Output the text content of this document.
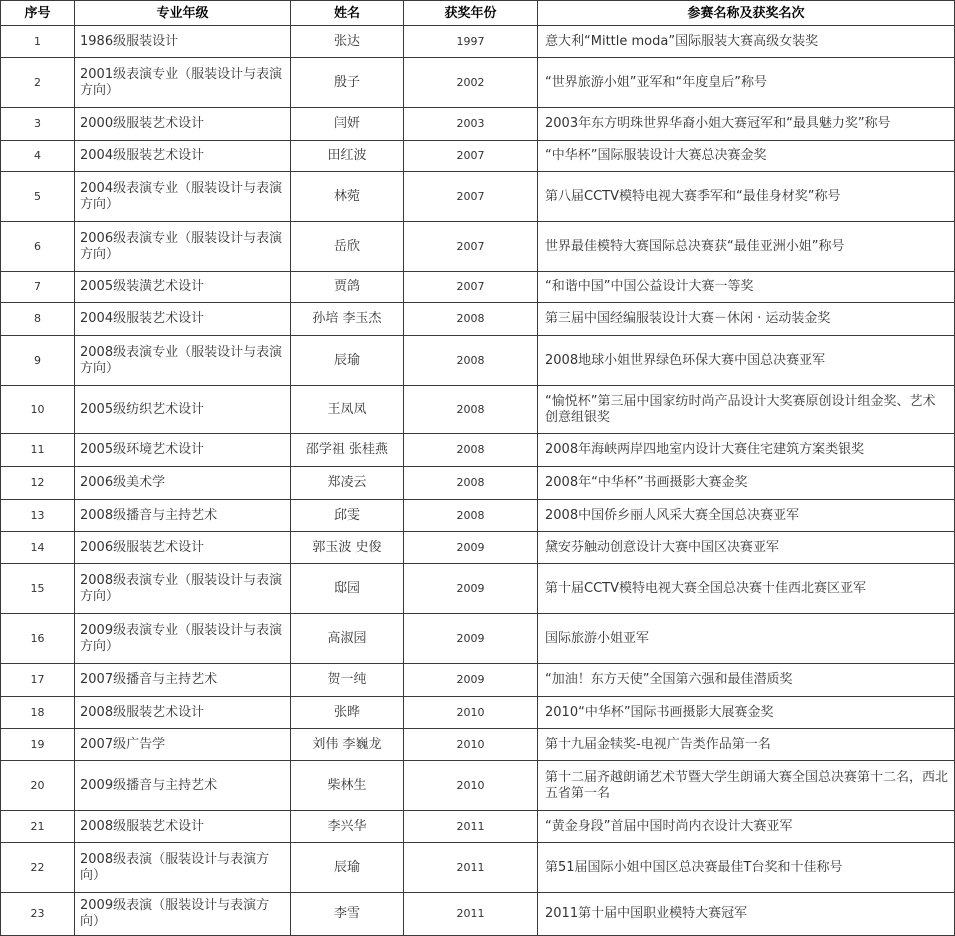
序号	专业年级	姓名	获奖年份	参赛名称及获奖名次
1	1986级服装设计	张达	1997	意大利“Mittle moda”国际服装大赛高级女装奖
2	2001级表演专业（服装设计与表演方向）	殷子	2002	“世界旅游小姐”亚军和“年度皇后”称号
3	2000级服装艺术设计	闫妍	2003	2003年东方明珠世界华裔小姐大赛冠军和“最具魅力奖”称号
4	2004级服装艺术设计	田红波	2007	“中华杯”国际服装设计大赛总决赛金奖
5	2004级表演专业（服装设计与表演方向）	林菀	2007	第八届CCTV模特电视大赛季军和“最佳身材奖”称号
6	2006级表演专业（服装设计与表演方向）	岳欣	2007	世界最佳模特大赛国际总决赛获“最佳亚洲小姐”称号
7	2005级装潢艺术设计	贾鸽	2007	“和谐中国”中国公益设计大赛一等奖
8	2004级服装艺术设计	孙培 李玉杰	2008	第三届中国经编服装设计大赛－休闲 · 运动装金奖
9	2008级表演专业（服装设计与表演方向）	辰瑜	2008	2008地球小姐世界绿色环保大赛中国总决赛亚军
10	2005级纺织艺术设计	王凤凤	2008	“愉悦杯”第三届中国家纺时尚产品设计大奖赛原创设计组金奖、艺术创意组银奖
11	2005级环境艺术设计	邵学祖 张桂燕	2008	2008年海峡两岸四地室内设计大赛住宅建筑方案类银奖
12	2006级美术学	郑凌云	2008	2008年“中华杯”书画摄影大赛金奖
13	2008级播音与主持艺术	邱雯	2008	2008中国侨乡丽人风采大赛全国总决赛亚军
14	2006级服装艺术设计	郭玉波 史俊	2009	黛安芬触动创意设计大赛中国区决赛亚军
15	2008级表演专业（服装设计与表演方向）	邸园	2009	第十届CCTV模特电视大赛全国总决赛十佳西北赛区亚军
16	2009级表演专业（服装设计与表演方向）	高淑园	2009	国际旅游小姐亚军
17	2007级播音与主持艺术	贺一纯	2009	“加油！东方天使”全国第六强和最佳潜质奖
18	2008级服装艺术设计	张晔	2010	2010“中华杯”国际书画摄影大展赛金奖
19	2007级广告学	刘伟 李巍龙	2010	第十九届金犊奖-电视广告类作品第一名
20	2009级播音与主持艺术	柴林生	2010	第十二届齐越朗诵艺术节暨大学生朗诵大赛全国总决赛第十二名，西北五省第一名
21	2008级服装艺术设计	李兴华	2011	“黄金身段”首届中国时尚内衣设计大赛亚军
22	2008级表演（服装设计与表演方向）	辰瑜	2011	第51届国际小姐中国区总决赛最佳T台奖和十佳称号
23	2009级表演（服装设计与表演方向）	李雪	2011	2011第十届中国职业模特大赛冠军
